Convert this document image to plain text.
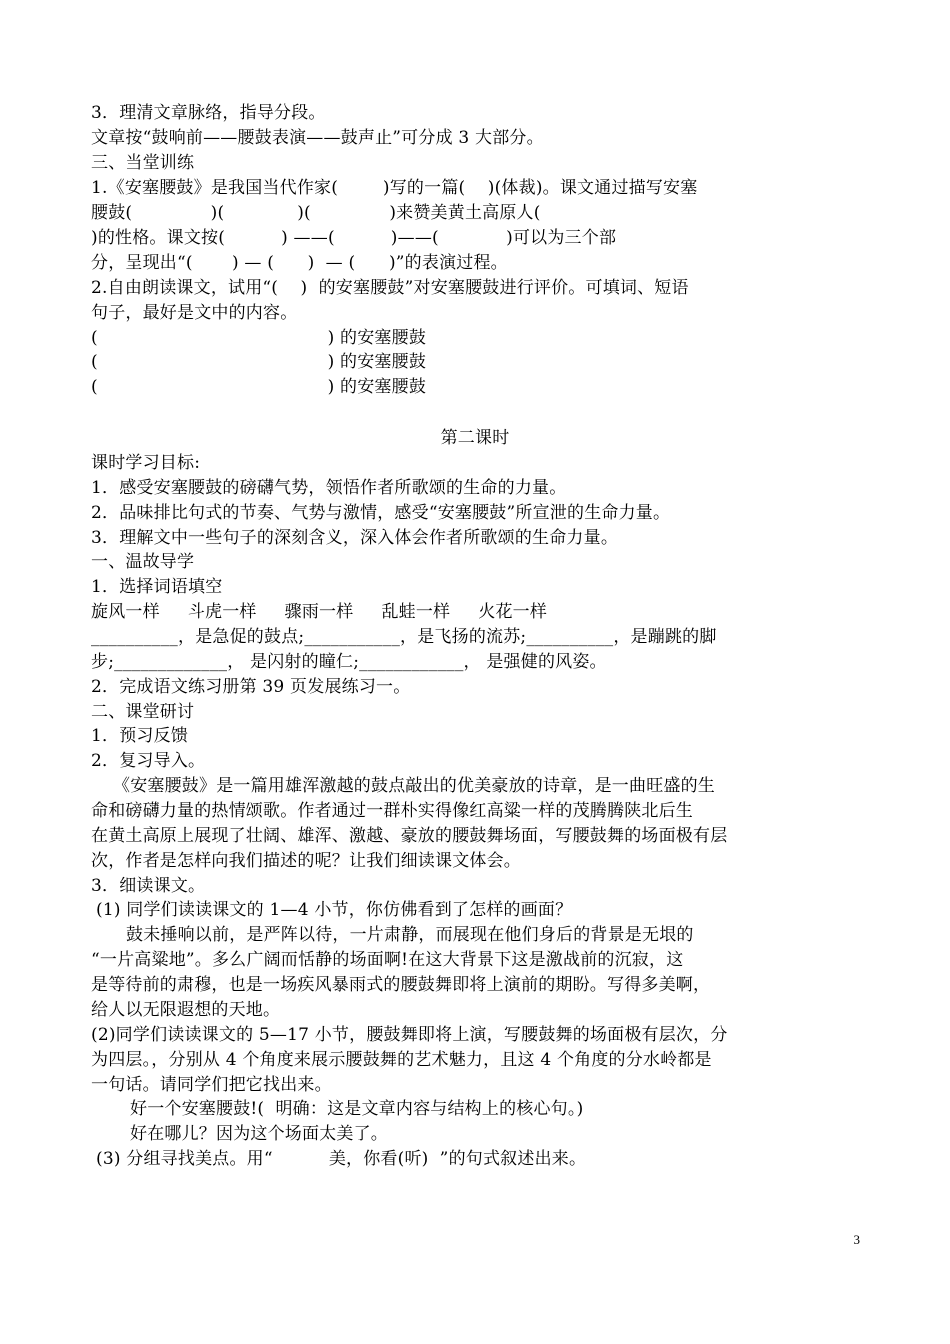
3．理清文章脉络，指导分段。
文章按“鼓响前——腰鼓表演——鼓声止”可分成 3 大部分。
三、当堂训练
1.《安塞腰鼓》是我国当代作家(        )写的一篇(    )(体裁)。课文通过描写安塞
腰鼓(              )(             )(              )来赞美黄土高原人(
)的性格。课文按(          ) ——(          )——(            )可以为三个部
分，呈现出“(       ) — (      )  — (      )”的表演过程。
2.自由朗读课文，试用“(    )  的安塞腰鼓”对安塞腰鼓进行评价。可填词、短语
句子，最好是文中的内容。
(                                         ) 的安塞腰鼓
(                                         ) 的安塞腰鼓
(                                         ) 的安塞腰鼓
第二课时
课时学习目标:
1．感受安塞腰鼓的磅礴气势，领悟作者所歌颂的生命的力量。
2．品味排比句式的节奏、气势与激情，感受“安塞腰鼓”所宣泄的生命力量。
3．理解文中一些句子的深刻含义，深入体会作者所歌颂的生命力量。
一、温故导学
1．选择词语填空
旋风一样     斗虎一样     骤雨一样     乱蛙一样     火花一样
__________，是急促的鼓点;___________，是飞扬的流苏;__________，是蹦跳的脚
步;_____________， 是闪射的瞳仁;____________， 是强健的风姿。
2．完成语文练习册第 39 页发展练习一。
二、课堂研讨
1．预习反馈
2．复习导入。
《安塞腰鼓》是一篇用雄浑激越的鼓点敲出的优美豪放的诗章，是一曲旺盛的生
命和磅礴力量的热情颂歌。作者通过一群朴实得像红高粱一样的茂腾腾陕北后生
在黄土高原上展现了壮阔、雄浑、激越、豪放的腰鼓舞场面，写腰鼓舞的场面极有层
次，作者是怎样向我们描述的呢？让我们细读课文体会。
3．细读课文。
(1) 同学们读读课文的 1—4 小节，你仿佛看到了怎样的画面？
鼓未捶响以前，是严阵以待，一片肃静，而展现在他们身后的背景是无垠的
“一片高粱地”。多么广阔而恬静的场面啊!在这大背景下这是激战前的沉寂，这
是等待前的肃穆，也是一场疾风暴雨式的腰鼓舞即将上演前的期盼。写得多美啊，
给人以无限遐想的天地。
(2)同学们读读课文的 5—17 小节，腰鼓舞即将上演，写腰鼓舞的场面极有层次，分
为四层。，分别从 4 个角度来展示腰鼓舞的艺术魅力，且这 4 个角度的分水岭都是
一句话。请同学们把它找出来。
好一个安塞腰鼓!(  明确：这是文章内容与结构上的核心句。)
好在哪儿？因为这个场面太美了。
(3) 分组寻找美点。用“          美，你看(听)  ”的句式叙述出来。
3
